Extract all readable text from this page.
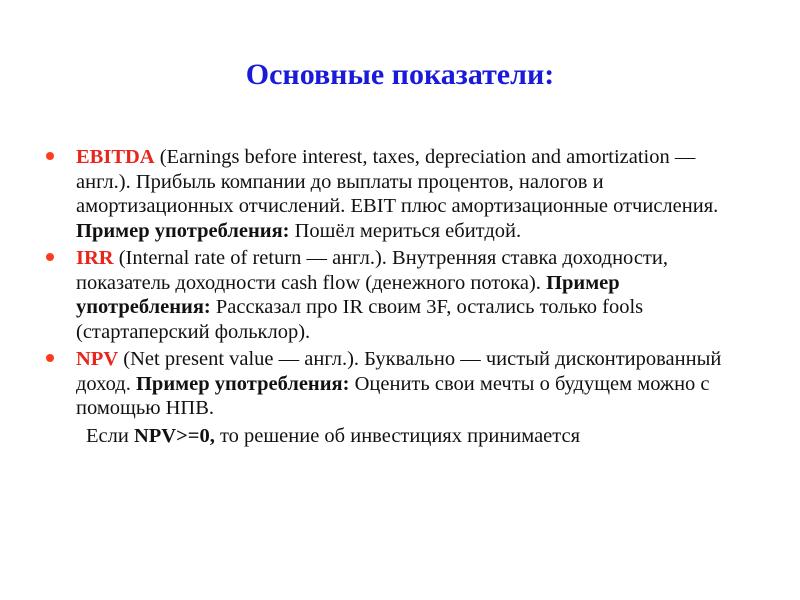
Основные показатели:
EBITDA (Earnings before interest, taxes, depreciation and amortization — англ.). Прибыль компании до выплаты процентов, налогов и амортизационных отчислений. EBIT плюс амортизационные отчисления. Пример употребления: Пошёл мериться ебитдой.
IRR (Internal rate of return — англ.). Внутренняя ставка доходности, показатель доходности cash flow (денежного потока). Пример употребления: Рассказал про IR своим 3F, остались только fools (стартаперский фольклор).
NPV (Net present value — англ.). Буквально — чистый дисконтированный доход. Пример употребления: Оценить свои мечты о будущем можно с помощью НПВ.
Если NPV>=0, то решение об инвестициях принимается
